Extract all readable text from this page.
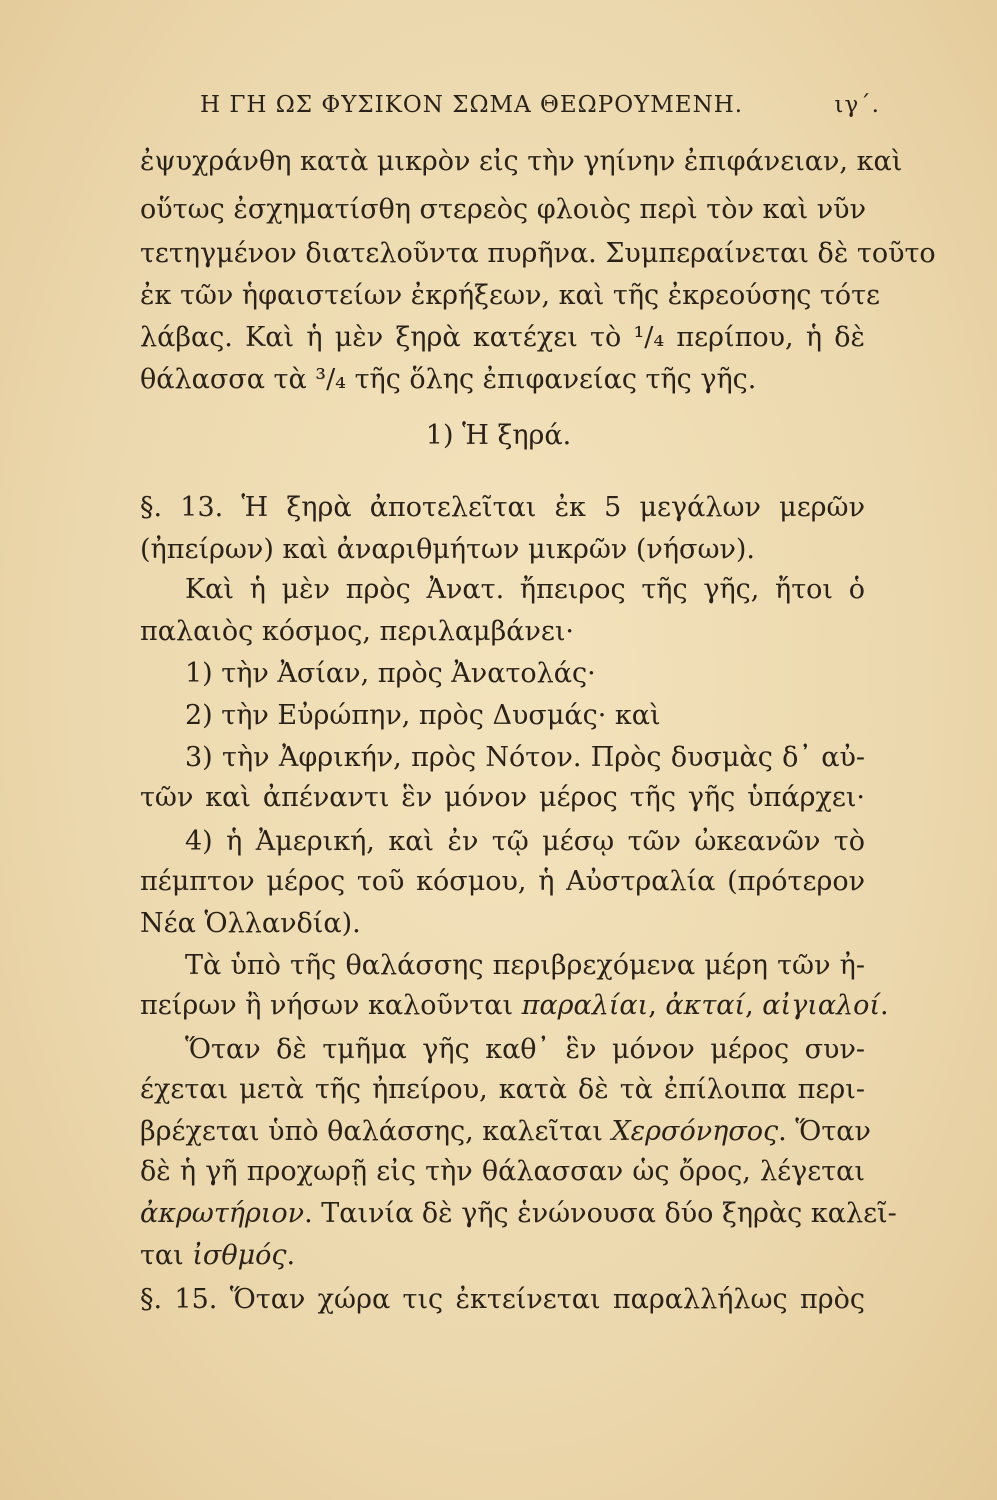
Η ΓΗ ΩΣ ΦΥΣΙΚΟΝ ΣΩΜΑ ΘΕΩΡΟΥΜΕΝΗ.	ιγ΄.
ἐψυχράνθη κατὰ μικρὸν εἰς τὴν γηίνην ἐπιφάνειαν, καὶ
οὕτως ἐσχηματίσθη στερεὸς φλοιὸς περὶ τὸν καὶ νῦν
τετηγμένον διατελοῦντα πυρῆνα. Συμπεραίνεται δὲ τοῦτο
ἐκ τῶν ἡφαιστείων ἐκρήξεων, καὶ τῆς ἐκρεούσης τότε
λάβας. Καὶ ἡ μὲν ξηρὰ κατέχει τὸ ¹/₄ περίπου, ἡ δὲ
θάλασσα τὰ ³/₄ τῆς ὅλης ἐπιφανείας τῆς γῆς.
1) Ἡ ξηρά.
§. 13. Ἡ ξηρὰ ἀποτελεῖται ἐκ 5 μεγάλων μερῶν
(ἠπείρων) καὶ ἀναριθμήτων μικρῶν (νήσων).
Καὶ ἡ μὲν πρὸς Ἀνατ. ἤπειρος τῆς γῆς, ἤτοι ὁ
παλαιὸς κόσμος, περιλαμβάνει·
1) τὴν Ἀσίαν, πρὸς Ἀνατολάς·
2) τὴν Εὐρώπην, πρὸς Δυσμάς· καὶ
3) τὴν Ἀφρικήν, πρὸς Νότον. Πρὸς δυσμὰς δ᾽ αὐ-
τῶν καὶ ἀπέναντι ἓν μόνον μέρος τῆς γῆς ὑπάρχει·
4) ἡ Ἀμερική, καὶ ἐν τῷ μέσῳ τῶν ὠκεανῶν τὸ
πέμπτον μέρος τοῦ κόσμου, ἡ Αὐστραλία (πρότερον
Νέα Ὁλλανδία).
Τὰ ὑπὸ τῆς θαλάσσης περιβρεχόμενα μέρη τῶν ἠ-
πείρων ἢ νήσων καλοῦνται παραλίαι, ἀκταί, αἰγιαλοί.
Ὅταν δὲ τμῆμα γῆς καθ᾽ ἓν μόνον μέρος συν-
έχεται μετὰ τῆς ἠπείρου, κατὰ δὲ τὰ ἐπίλοιπα περι-
βρέχεται ὑπὸ θαλάσσης, καλεῖται Χερσόνησος. Ὅταν
δὲ ἡ γῆ προχωρῇ εἰς τὴν θάλασσαν ὡς ὄρος, λέγεται
ἀκρωτήριον. Ταινία δὲ γῆς ἑνώνουσα δύο ξηρὰς καλεῖ-
ται ἰσθμός.
§. 15. Ὅταν χώρα τις ἐκτείνεται παραλλήλως πρὸς
